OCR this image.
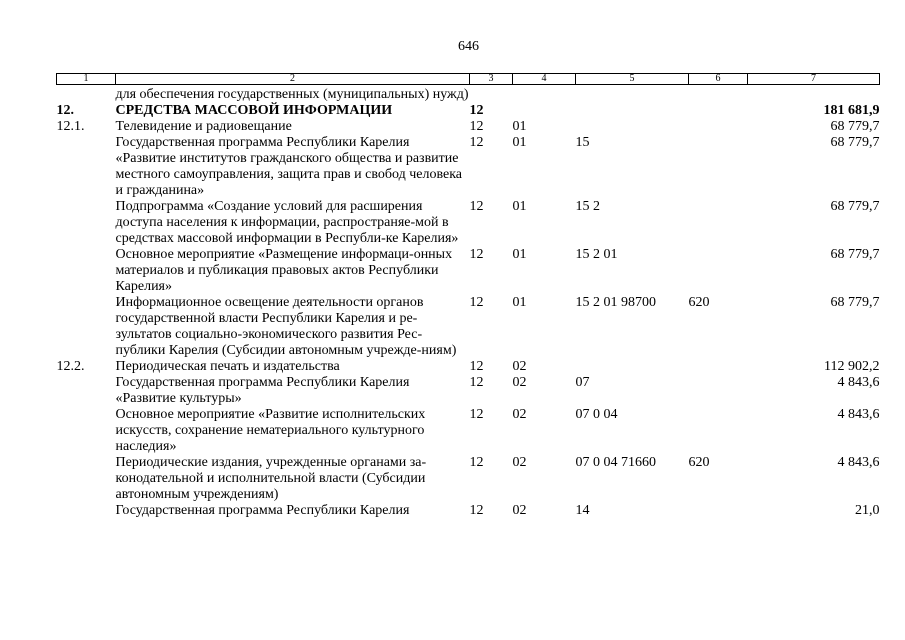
646
1	2	3	4	5	6	7
	для обеспечения государственных (муниципальных) нужд)					
12.	СРЕДСТВА МАССОВОЙ ИНФОРМАЦИИ	12				181 681,9
12.1.	Телевидение и радиовещание	12	01			68 779,7
	Государственная программа Республики Карелия «Развитие институтов гражданского общества и развитие местного самоуправления, защита прав и свобод человека и гражданина»	12	01	15		68 779,7
	Подпрограмма «Создание условий для расширения доступа населения к информации, распространяе-мой в средствах массовой информации в Республи-ке Карелия»	12	01	15 2		68 779,7
	Основное мероприятие «Размещение информаци-онных материалов и публикация правовых актов Республики Карелия»	12	01	15 2 01		68 779,7
	Информационное освещение деятельности органов государственной власти Республики Карелия и ре-зультатов социально-экономического развития Рес-публики Карелия (Субсидии автономным учрежде-ниям)	12	01	15 2 01 98700	620	68 779,7
12.2.	Периодическая печать и издательства	12	02			112 902,2
	Государственная программа Республики Карелия «Развитие культуры»	12	02	07		4 843,6
	Основное мероприятие «Развитие исполнительских искусств, сохранение нематериального культурного наследия»	12	02	07 0 04		4 843,6
	Периодические издания, учрежденные органами за-конодательной и исполнительной власти (Субсидии автономным учреждениям)	12	02	07 0 04 71660	620	4 843,6
	Государственная программа Республики Карелия	12	02	14		21,0
